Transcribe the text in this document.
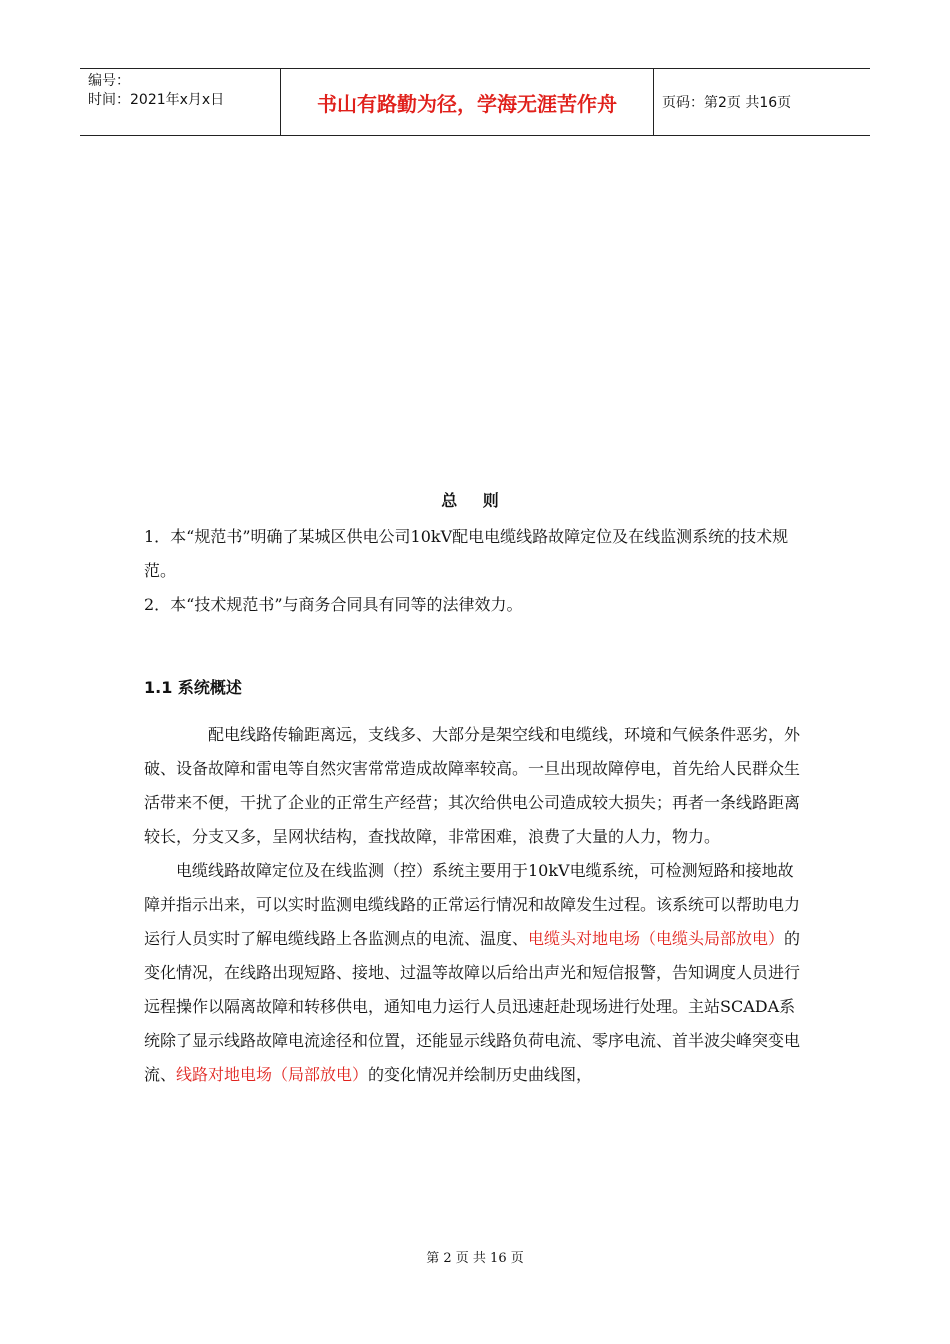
编号：
时间：2021年x月x日	书山有路勤为径，学海无涯苦作舟	页码：第2页 共16页
总 则

1．本“规范书”明确了某城区供电公司10kV配电电缆线路故障定位及在线监测系统的技术规范。

2．本“技术规范书”与商务合同具有同等的法律效力。

1.1 系统概述

配电线路传输距离远，支线多、大部分是架空线和电缆线，环境和气候条件恶劣，外破、设备故障和雷电等自然灾害常常造成故障率较高。一旦出现故障停电，首先给人民群众生活带来不便，干扰了企业的正常生产经营；其次给供电公司造成较大损失；再者一条线路距离较长，分支又多，呈网状结构，查找故障，非常困难，浪费了大量的人力，物力。

电缆线路故障定位及在线监测（控）系统主要用于10kV电缆系统，可检测短路和接地故障并指示出来，可以实时监测电缆线路的正常运行情况和故障发生过程。该系统可以帮助电力运行人员实时了解电缆线路上各监测点的电流、温度、电缆头对地电场（电缆头局部放电）的变化情况，在线路出现短路、接地、过温等故障以后给出声光和短信报警，告知调度人员进行远程操作以隔离故障和转移供电，通知电力运行人员迅速赶赴现场进行处理。主站SCADA系统除了显示线路故障电流途径和位置，还能显示线路负荷电流、零序电流、首半波尖峰突变电流、线路对地电场（局部放电）的变化情况并绘制历史曲线图，

第 2 页 共 16 页
